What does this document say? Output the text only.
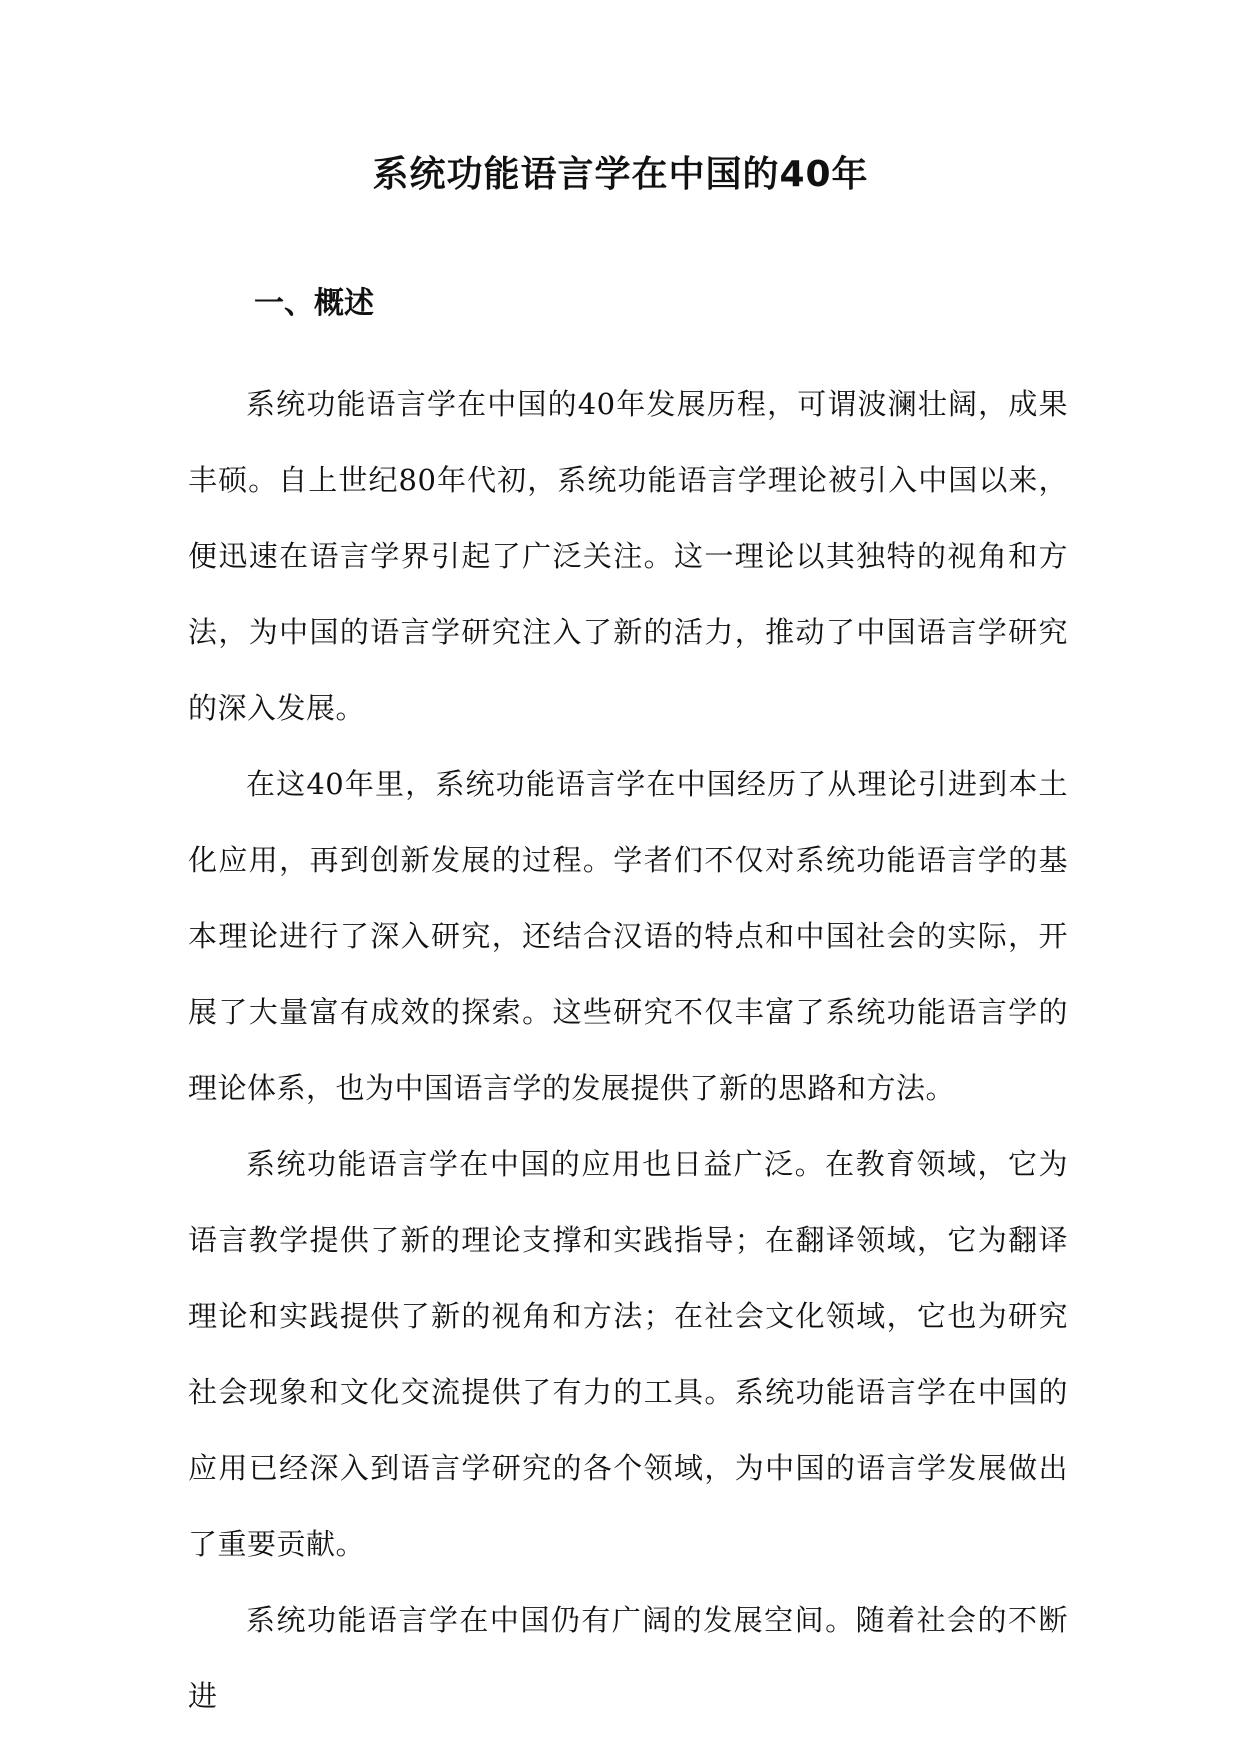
系统功能语言学在中国的40年
一、概述

系统功能语言学在中国的40年发展历程，可谓波澜壮阔，成果丰硕。自上世纪80年代初，系统功能语言学理论被引入中国以来，便迅速在语言学界引起了广泛关注。这一理论以其独特的视角和方法，为中国的语言学研究注入了新的活力，推动了中国语言学研究的深入发展。

在这40年里，系统功能语言学在中国经历了从理论引进到本土化应用，再到创新发展的过程。学者们不仅对系统功能语言学的基本理论进行了深入研究，还结合汉语的特点和中国社会的实际，开展了大量富有成效的探索。这些研究不仅丰富了系统功能语言学的理论体系，也为中国语言学的发展提供了新的思路和方法。

系统功能语言学在中国的应用也日益广泛。在教育领域，它为语言教学提供了新的理论支撑和实践指导；在翻译领域，它为翻译理论和实践提供了新的视角和方法；在社会文化领域，它也为研究社会现象和文化交流提供了有力的工具。系统功能语言学在中国的应用已经深入到语言学研究的各个领域，为中国的语言学发展做出了重要贡献。

系统功能语言学在中国仍有广阔的发展空间。随着社会的不断进
